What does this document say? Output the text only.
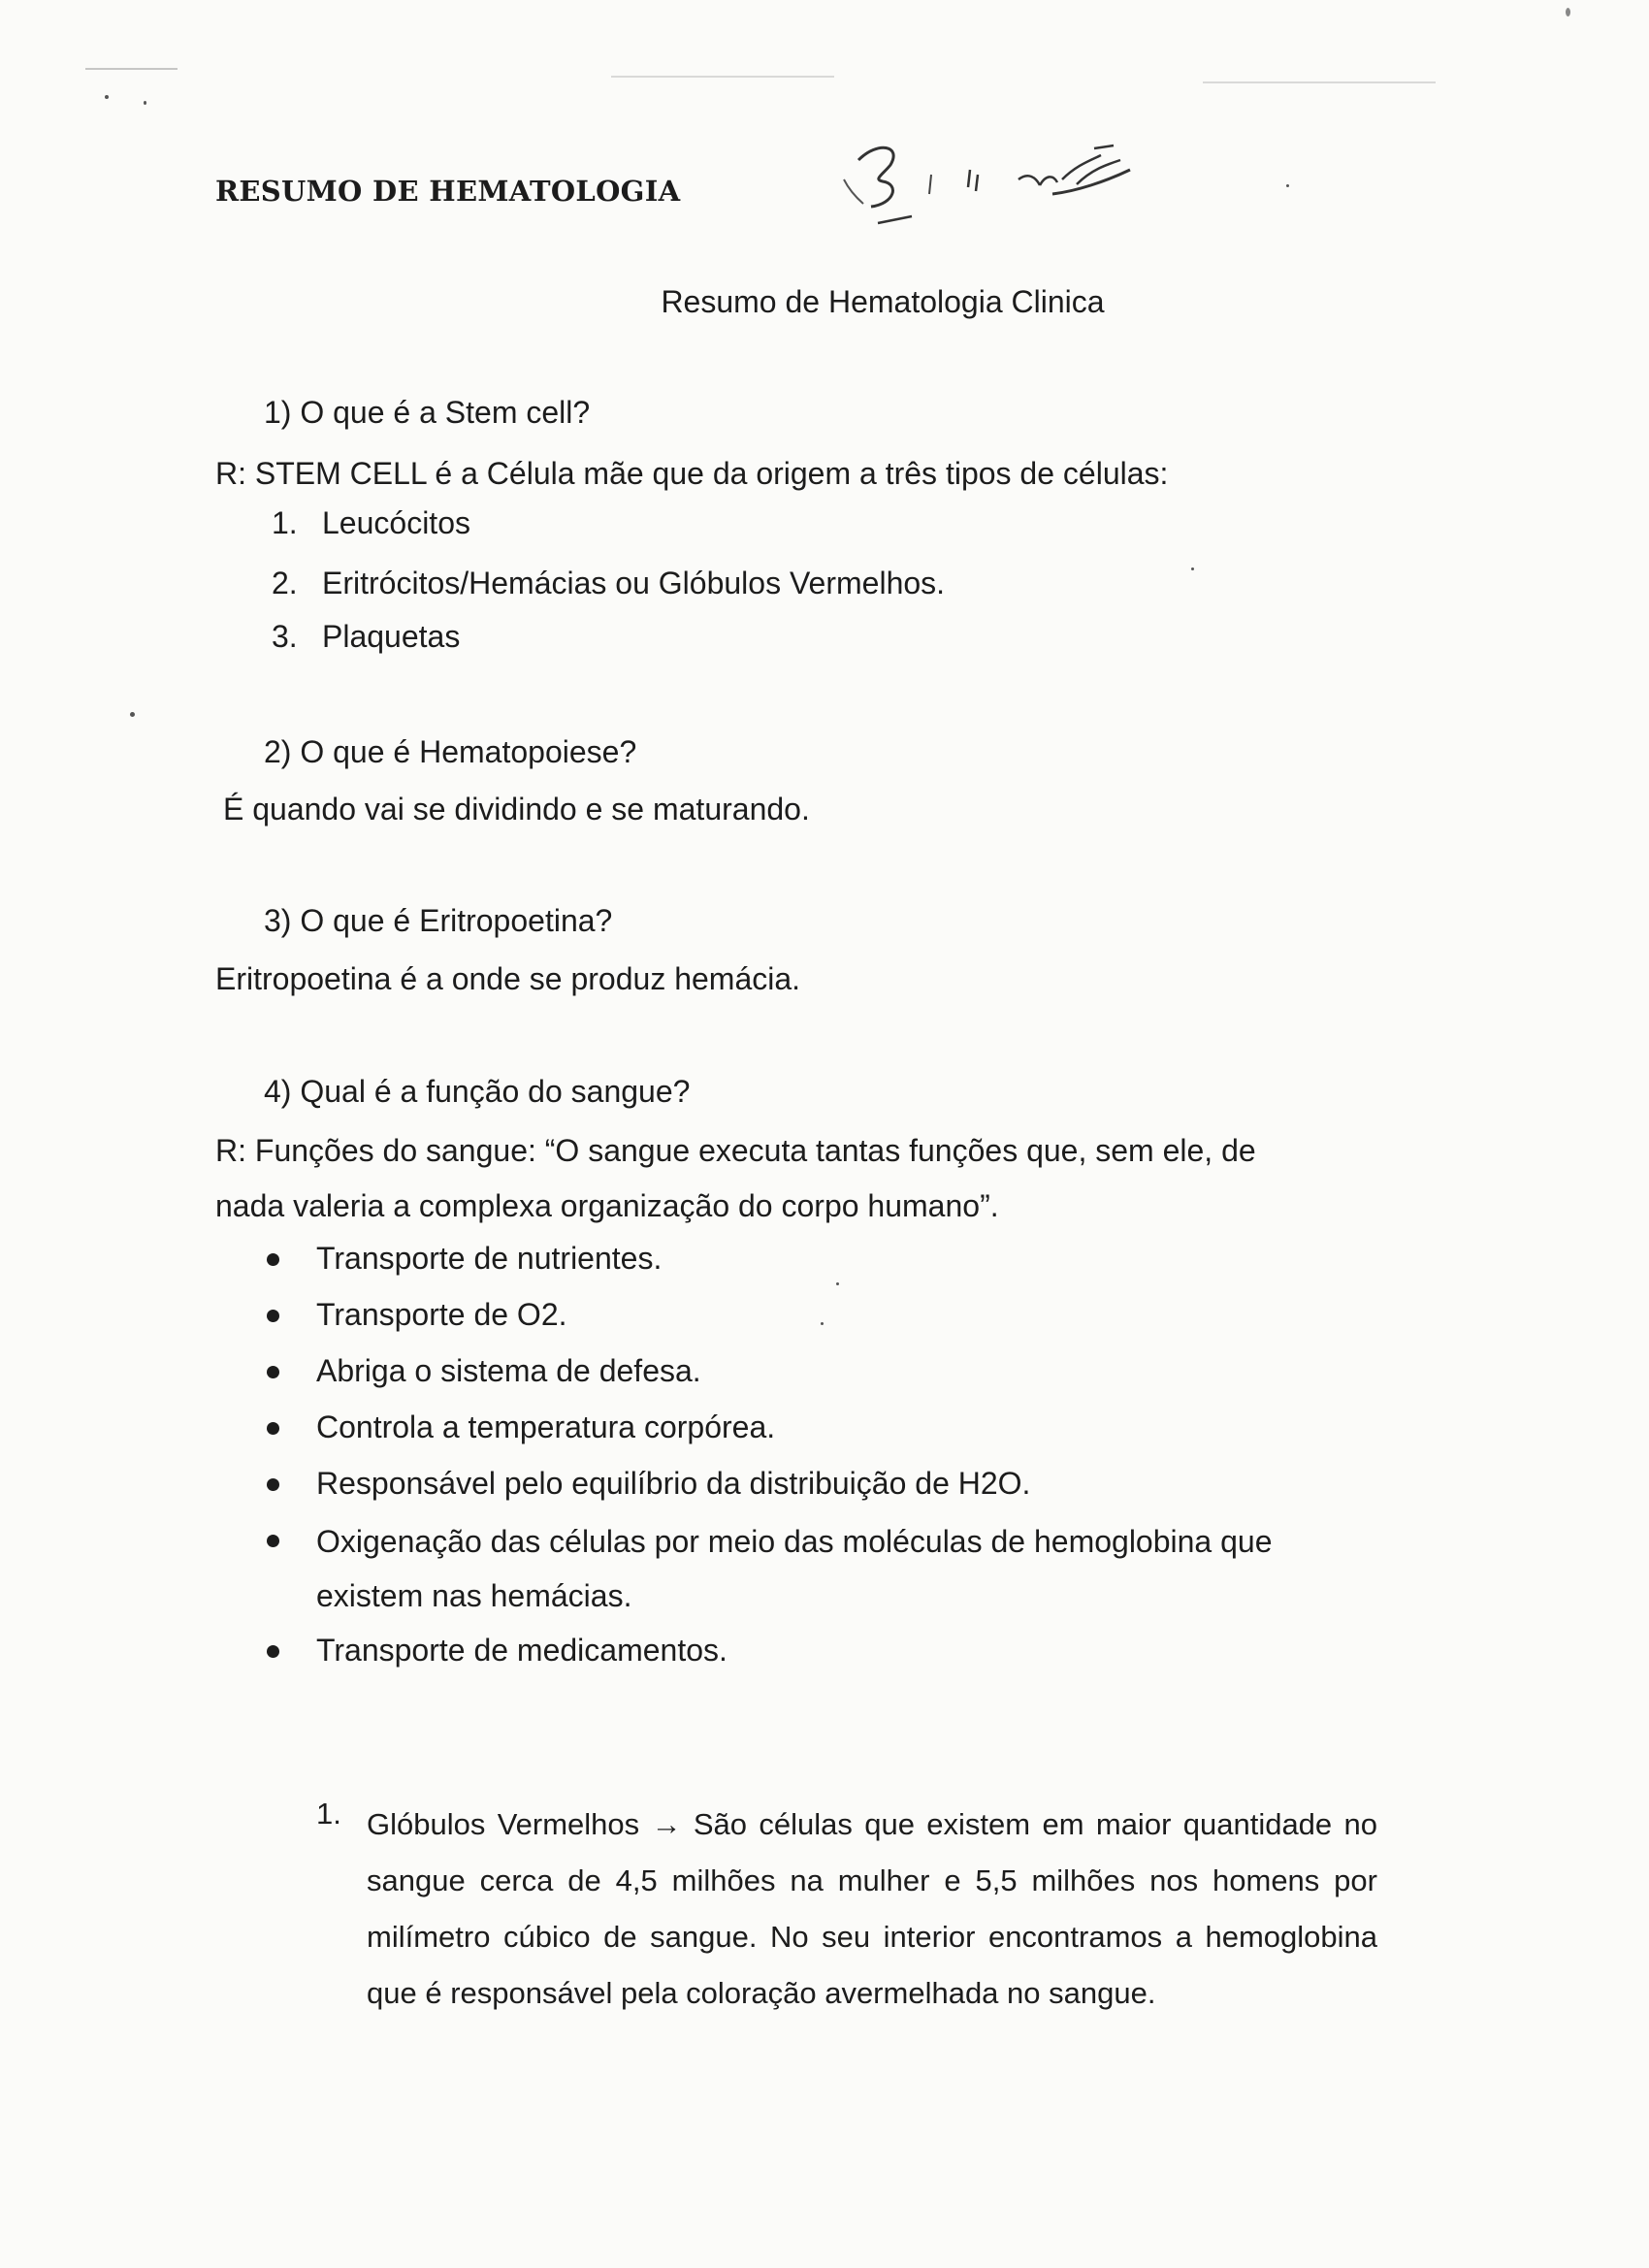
RESUMO DE HEMATOLOGIA
Resumo de Hematologia Clinica
1) O que é a Stem cell?
R: STEM CELL é a Célula mãe que da origem a três tipos de células:
1. Leucócitos
2. Eritrócitos/Hemácias ou Glóbulos Vermelhos.
3. Plaquetas
2) O que é Hematopoiese?
É quando vai se dividindo e se maturando.
3) O que é Eritropoetina?
Eritropoetina é a onde se produz hemácia.
4) Qual é a função do sangue?
R: Funções do sangue: “O sangue executa tantas funções que, sem ele, de
nada valeria a complexa organização do corpo humano”.
Transporte de nutrientes.
Transporte de O2.
Abriga o sistema de defesa.
Controla a temperatura corpórea.
Responsável pelo equilíbrio da distribuição de H2O.
Oxigenação das células por meio das moléculas de hemoglobina que
existem nas hemácias.
Transporte de medicamentos.
1. Glóbulos Vermelhos → São células que existem em maior quantidade no sangue cerca de 4,5 milhões na mulher e 5,5 milhões nos homens por milímetro cúbico de sangue. No seu interior encontramos a hemoglobina que é responsável pela coloração avermelhada no sangue.
